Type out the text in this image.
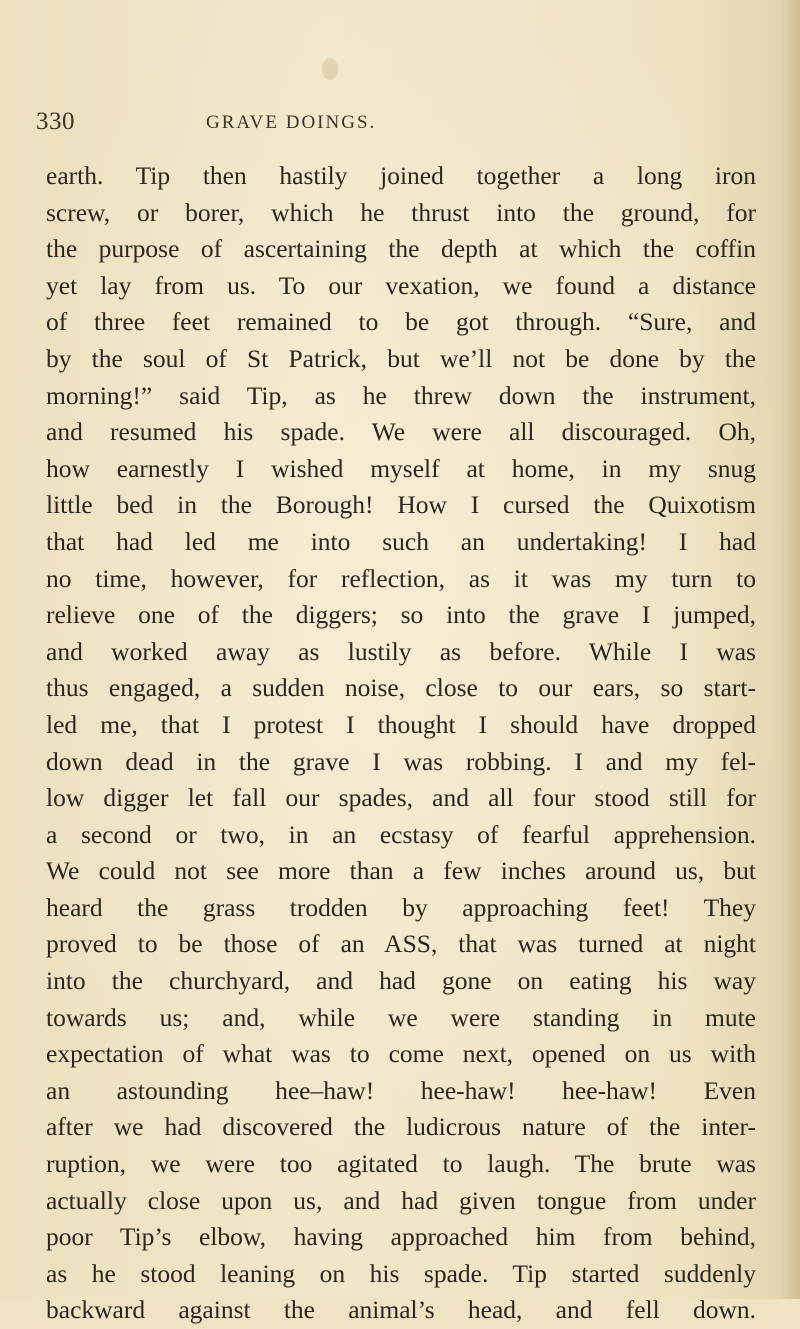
330	GRAVE DOINGS.
earth. Tip then hastily joined together a long iron
screw, or borer, which he thrust into the ground, for
the purpose of ascertaining the depth at which the coffin
yet lay from us. To our vexation, we found a distance
of three feet remained to be got through. “Sure, and
by the soul of St Patrick, but we’ll not be done by the
morning!” said Tip, as he threw down the instrument,
and resumed his spade. We were all discouraged. Oh,
how earnestly I wished myself at home, in my snug
little bed in the Borough! How I cursed the Quixotism
that had led me into such an undertaking! I had
no time, however, for reflection, as it was my turn to
relieve one of the diggers; so into the grave I jumped,
and worked away as lustily as before. While I was
thus engaged, a sudden noise, close to our ears, so start-
led me, that I protest I thought I should have dropped
down dead in the grave I was robbing. I and my fel-
low digger let fall our spades, and all four stood still for
a second or two, in an ecstasy of fearful apprehension.
We could not see more than a few inches around us, but
heard the grass trodden by approaching feet! They
proved to be those of an ASS, that was turned at night
into the churchyard, and had gone on eating his way
towards us; and, while we were standing in mute
expectation of what was to come next, opened on us with
an astounding hee–haw! hee-haw! hee-haw! Even
after we had discovered the ludicrous nature of the inter-
ruption, we were too agitated to laugh. The brute was
actually close upon us, and had given tongue from under
poor Tip’s elbow, having approached him from behind,
as he stood leaning on his spade. Tip started suddenly
backward against the animal’s head, and fell down.
